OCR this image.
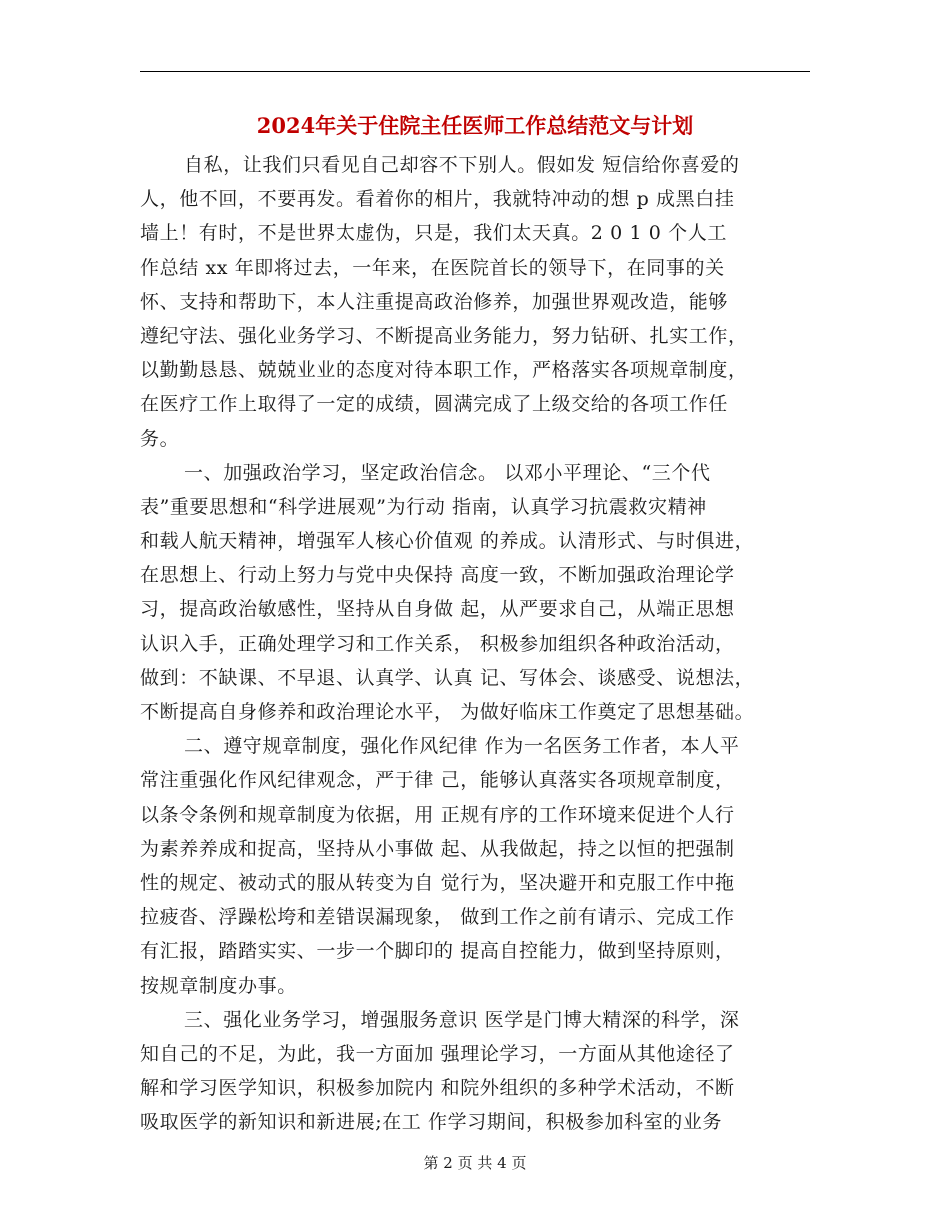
2024年关于住院主任医师工作总结范文与计划
自私，让我们只看见自己却容不下别人。假如发 短信给你喜爱的
人，他不回，不要再发。看着你的相片，我就特冲动的想 p 成黑白挂
墙上！有时，不是世界太虚伪，只是，我们太天真。2 0 1 0 个人工
作总结 xx 年即将过去，一年来，在医院首长的领导下，在同事的关
怀、支持和帮助下，本人注重提高政治修养，加强世界观改造，能够
遵纪守法、强化业务学习、不断提高业务能力，努力钻研、扎实工作，
以勤勤恳恳、兢兢业业的态度对待本职工作，严格落实各项规章制度，
在医疗工作上取得了一定的成绩，圆满完成了上级交给的各项工作任
务。
一、加强政治学习，坚定政治信念。 以邓小平理论、“三个代
表”重要思想和“科学进展观”为行动 指南，认真学习抗震救灾精神
和载人航天精神，增强军人核心价值观 的养成。认清形式、与时俱进，
在思想上、行动上努力与党中央保持 高度一致，不断加强政治理论学
习，提高政治敏感性，坚持从自身做 起，从严要求自己，从端正思想
认识入手，正确处理学习和工作关系， 积极参加组织各种政治活动，
做到：不缺课、不早退、认真学、认真 记、写体会、谈感受、说想法，
不断提高自身修养和政治理论水平， 为做好临床工作奠定了思想基础。
二、遵守规章制度，强化作风纪律 作为一名医务工作者，本人平
常注重强化作风纪律观念，严于律 己，能够认真落实各项规章制度，
以条令条例和规章制度为依据，用 正规有序的工作环境来促进个人行
为素养养成和捉高，坚持从小事做 起、从我做起，持之以恒的把强制
性的规定、被动式的服从转变为自 觉行为，坚决避开和克服工作中拖
拉疲沓、浮躁松垮和差错误漏现象， 做到工作之前有请示、完成工作
有汇报，踏踏实实、一步一个脚印的 提高自控能力，做到坚持原则，
按规章制度办事。
三、强化业务学习，增强服务意识 医学是门博大精深的科学，深
知自己的不足，为此，我一方面加 强理论学习，一方面从其他途径了
解和学习医学知识，积极参加院内 和院外组织的多种学术活动，不断
吸取医学的新知识和新进展;在工 作学习期间，积极参加科室的业务
第 2 页 共 4 页
